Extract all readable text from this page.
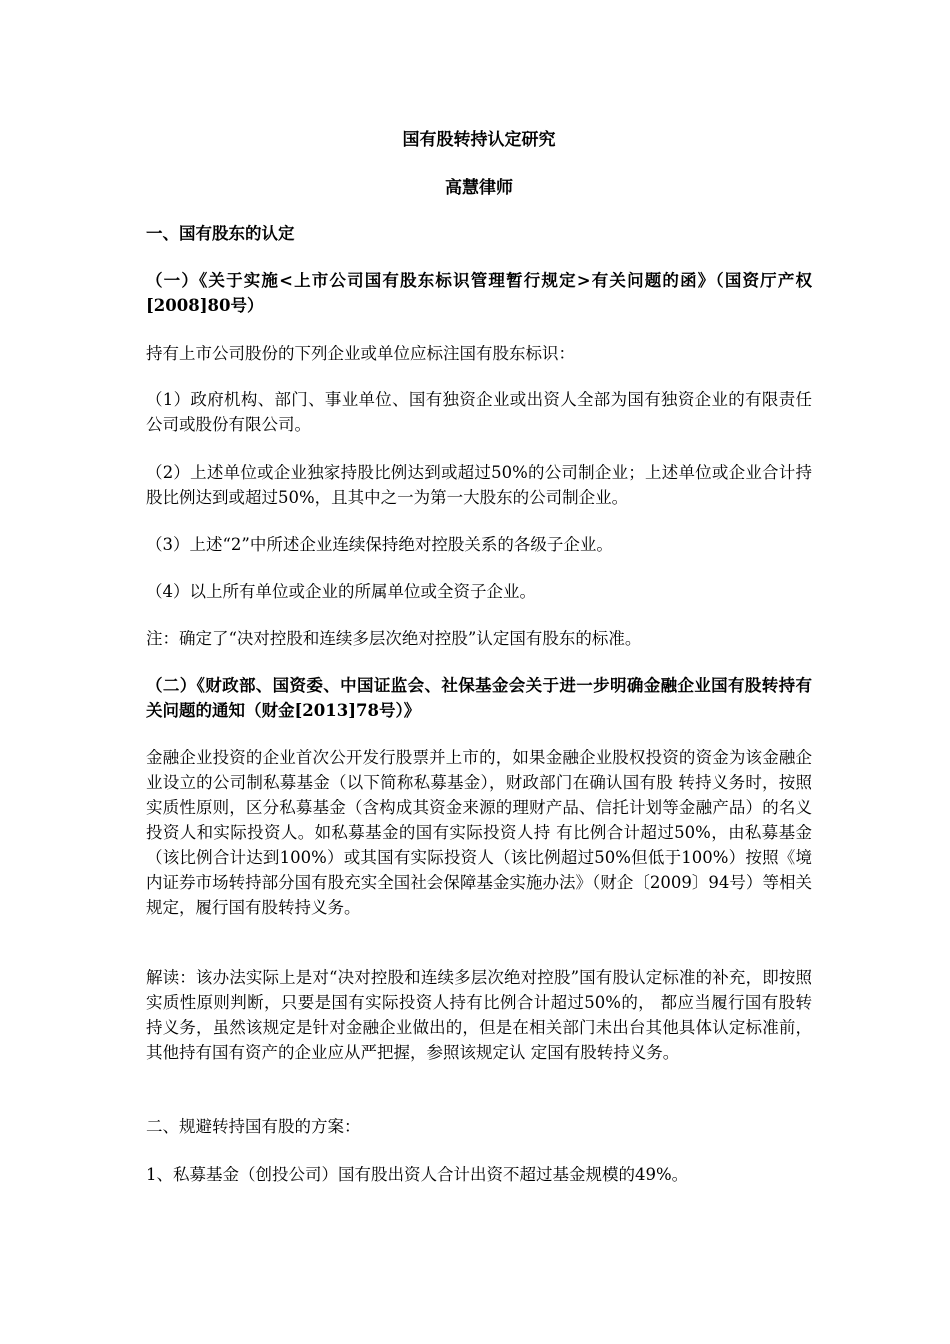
国有股转持认定研究
高慧律师
一、国有股东的认定
（一）《关于实施<上市公司国有股东标识管理暂行规定>有关问题的函》（国资厅产权[2008]80号）
持有上市公司股份的下列企业或单位应标注国有股东标识：
（1）政府机构、部门、事业单位、国有独资企业或出资人全部为国有独资企业的有限责任公司或股份有限公司。
（2）上述单位或企业独家持股比例达到或超过50%的公司制企业；上述单位或企业合计持股比例达到或超过50%，且其中之一为第一大股东的公司制企业。
（3）上述“2”中所述企业连续保持绝对控股关系的各级子企业。
（4）以上所有单位或企业的所属单位或全资子企业。
注：确定了“决对控股和连续多层次绝对控股”认定国有股东的标准。
（二）《财政部、国资委、中国证监会、社保基金会关于进一步明确金融企业国有股转持有关问题的通知（财金[2013]78号）》
金融企业投资的企业首次公开发行股票并上市的，如果金融企业股权投资的资金为该金融企业设立的公司制私募基金（以下简称私募基金），财政部门在确认国有股 转持义务时，按照实质性原则，区分私募基金（含构成其资金来源的理财产品、信托计划等金融产品）的名义投资人和实际投资人。如私募基金的国有实际投资人持 有比例合计超过50%，由私募基金（该比例合计达到100%）或其国有实际投资人（该比例超过50%但低于100%）按照《境内证券市场转持部分国有股充实全国社会保障基金实施办法》（财企〔2009〕94号）等相关规定，履行国有股转持义务。
解读：该办法实际上是对“决对控股和连续多层次绝对控股”国有股认定标准的补充，即按照实质性原则判断，只要是国有实际投资人持有比例合计超过50%的， 都应当履行国有股转持义务，虽然该规定是针对金融企业做出的，但是在相关部门未出台其他具体认定标准前，其他持有国有资产的企业应从严把握，参照该规定认 定国有股转持义务。
二、规避转持国有股的方案：
1、私募基金（创投公司）国有股出资人合计出资不超过基金规模的49%。
